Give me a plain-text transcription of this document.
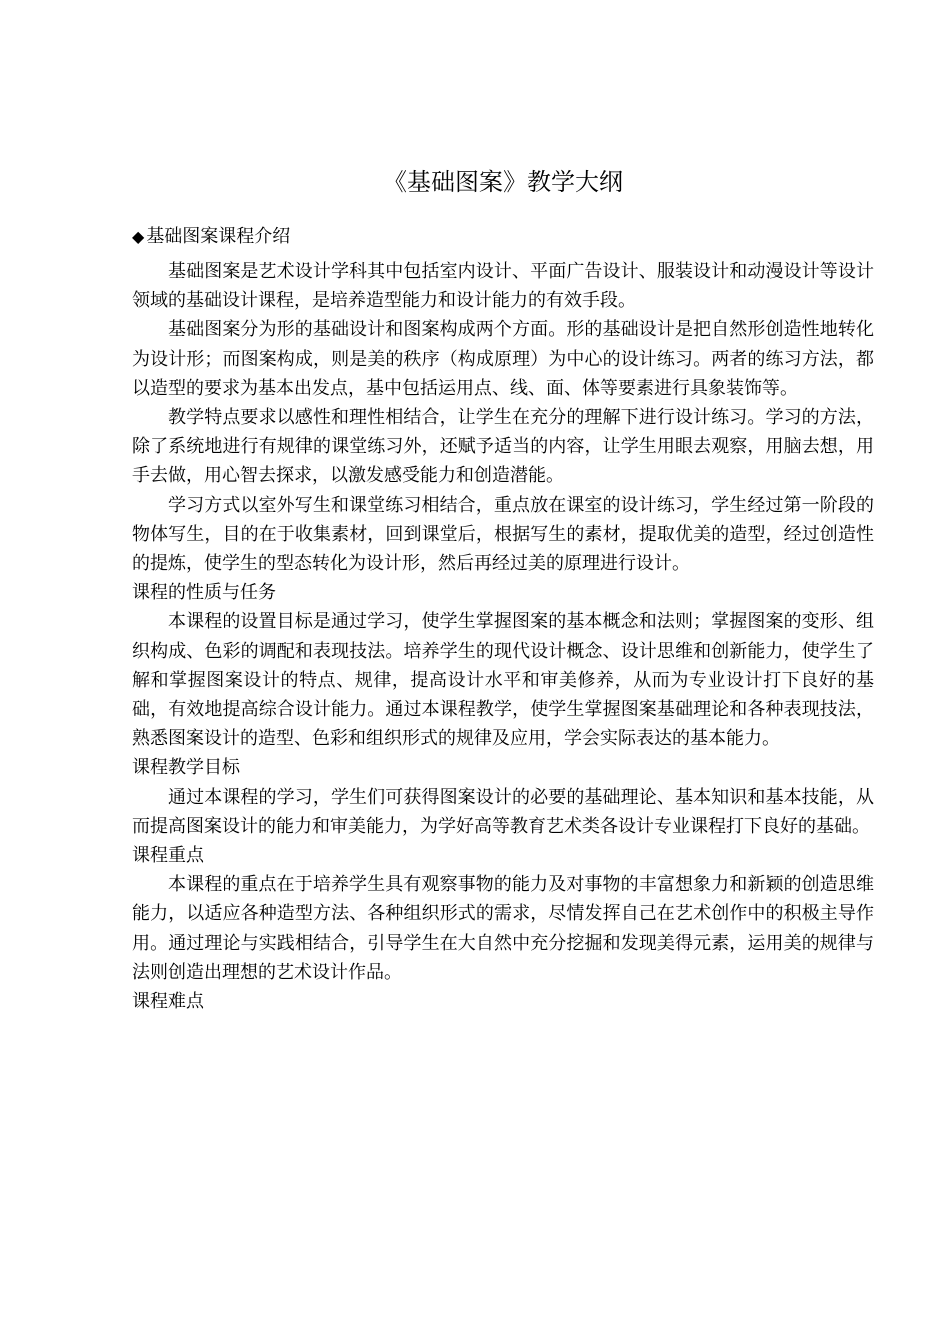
《基础图案》教学大纲
◆ 基础图案课程介绍

基础图案是艺术设计学科其中包括室内设计、平面广告设计、服装设计和动漫设计等设计领域的基础设计课程，是培养造型能力和设计能力的有效手段。

基础图案分为形的基础设计和图案构成两个方面。形的基础设计是把自然形创造性地转化为设计形；而图案构成，则是美的秩序（构成原理）为中心的设计练习。两者的练习方法，都以造型的要求为基本出发点，基中包括运用点、线、面、体等要素进行具象装饰等。

教学特点要求以感性和理性相结合，让学生在充分的理解下进行设计练习。学习的方法，除了系统地进行有规律的课堂练习外，还赋予适当的内容，让学生用眼去观察，用脑去想，用手去做，用心智去探求，以激发感受能力和创造潜能。

学习方式以室外写生和课堂练习相结合，重点放在课室的设计练习，学生经过第一阶段的物体写生，目的在于收集素材，回到课堂后，根据写生的素材，提取优美的造型，经过创造性的提炼，使学生的型态转化为设计形，然后再经过美的原理进行设计。

课程的性质与任务

本课程的设置目标是通过学习，使学生掌握图案的基本概念和法则；掌握图案的变形、组织构成、色彩的调配和表现技法。培养学生的现代设计概念、设计思维和创新能力，使学生了解和掌握图案设计的特点、规律，提高设计水平和审美修养，从而为专业设计打下良好的基础，有效地提高综合设计能力。通过本课程教学，使学生掌握图案基础理论和各种表现技法，熟悉图案设计的造型、色彩和组织形式的规律及应用，学会实际表达的基本能力。

课程教学目标

通过本课程的学习，学生们可获得图案设计的必要的基础理论、基本知识和基本技能，从而提高图案设计的能力和审美能力，为学好高等教育艺术类各设计专业课程打下良好的基础。

课程重点

本课程的重点在于培养学生具有观察事物的能力及对事物的丰富想象力和新颖的创造思维能力，以适应各种造型方法、各种组织形式的需求，尽情发挥自己在艺术创作中的积极主导作用。通过理论与实践相结合，引导学生在大自然中充分挖掘和发现美得元素，运用美的规律与法则创造出理想的艺术设计作品。

课程难点
